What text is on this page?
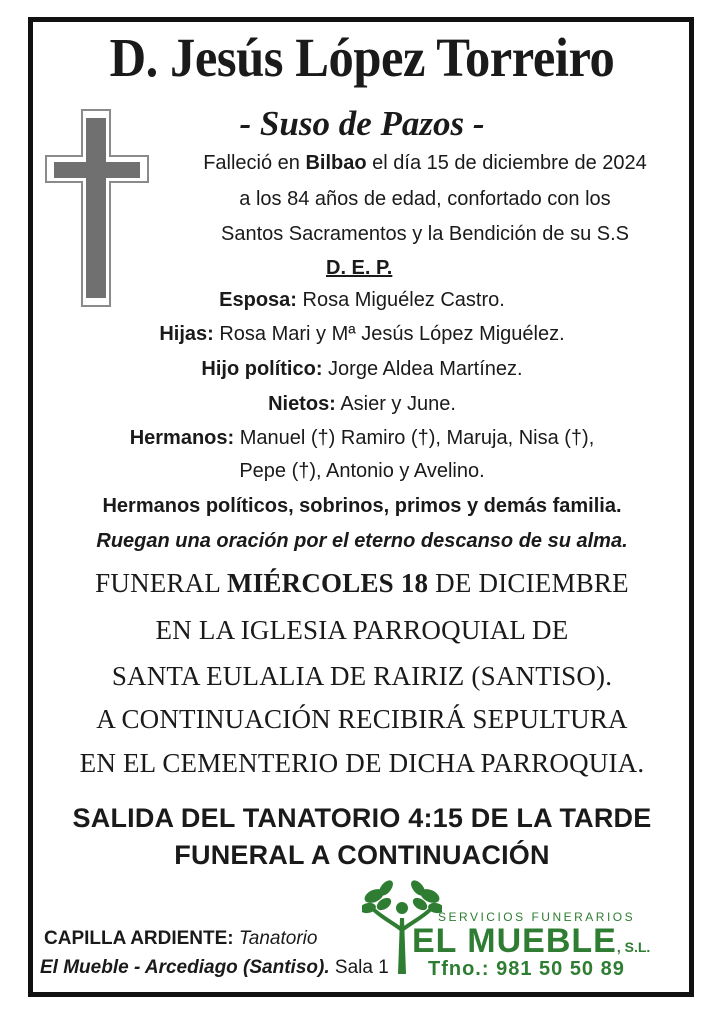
D. Jesús López Torreiro
- Suso de Pazos -
Falleció en Bilbao el día 15 de diciembre de 2024
a los 84 años de edad, confortado con los
Santos Sacramentos y la Bendición de su S.S
D. E. P.
Esposa: Rosa Miguélez Castro.
Hijas: Rosa Mari y Mª Jesús López Miguélez.
Hijo político: Jorge Aldea Martínez.
Nietos: Asier y June.
Hermanos: Manuel (†) Ramiro (†), Maruja, Nisa (†),
Pepe (†), Antonio y Avelino.
Hermanos políticos, sobrinos, primos y demás familia.
Ruegan una oración por el eterno descanso de su alma.
FUNERAL MIÉRCOLES 18 DE DICIEMBRE
EN LA IGLESIA PARROQUIAL DE
SANTA EULALIA DE RAIRIZ (SANTISO).
A CONTINUACIÓN RECIBIRÁ SEPULTURA
EN EL CEMENTERIO DE DICHA PARROQUIA.
SALIDA DEL TANATORIO 4:15 DE LA TARDE
FUNERAL A CONTINUACIÓN
CAPILLA ARDIENTE: Tanatorio
El Mueble - Arcediago (Santiso). Sala 1
SERVICIOS FUNERARIOS
EL MUEBLE, S.L.
Tfno.: 981 50 50 89
